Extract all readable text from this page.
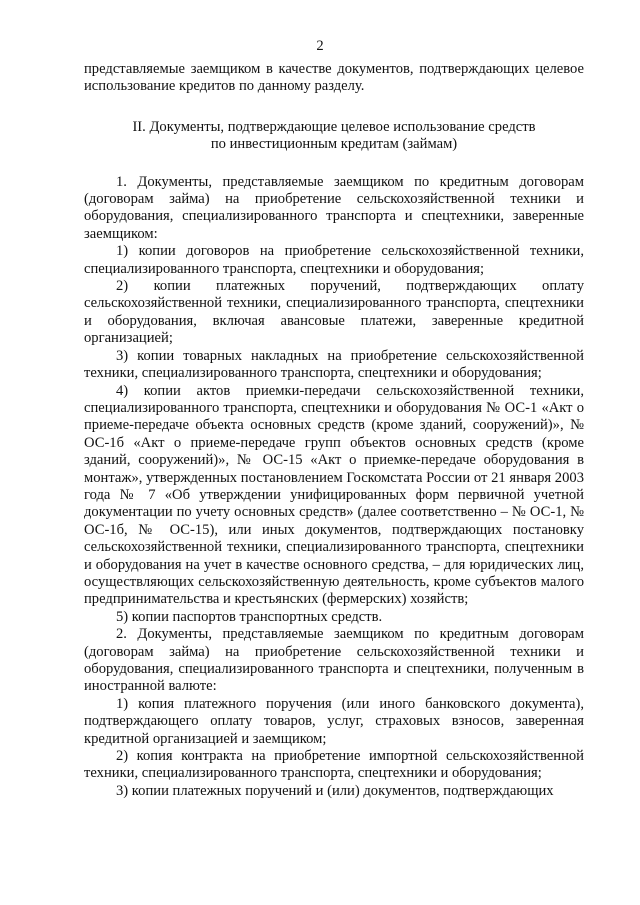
2

представляемые заемщиком в качестве документов, подтверждающих целевое использование кредитов по данному разделу.

II. Документы, подтверждающие целевое использование средств
по инвестиционным кредитам (займам)

1. Документы, представляемые заемщиком по кредитным договорам (договорам займа) на приобретение сельскохозяйственной техники и оборудования, специализированного транспорта и спецтехники, заверенные заемщиком:

1) копии договоров на приобретение сельскохозяйственной техники, специализированного транспорта, спецтехники и оборудования;

2) копии платежных поручений, подтверждающих оплату сельскохозяйственной техники, специализированного транспорта, спецтехники и оборудования, включая авансовые платежи, заверенные кредитной организацией;

3) копии товарных накладных на приобретение сельскохозяйственной техники, специализированного транспорта, спецтехники и оборудования;

4) копии актов приемки-передачи сельскохозяйственной техники, специализированного транспорта, спецтехники и оборудования № ОС-1 «Акт о приеме-передаче объекта основных средств (кроме зданий, сооружений)», № ОС-1б «Акт о приеме-передаче групп объектов основных средств (кроме зданий, сооружений)», № ОС-15 «Акт о приемке-передаче оборудования в монтаж», утвержденных постановлением Госкомстата России от 21 января 2003 года № 7 «Об утверждении унифицированных форм первичной учетной документации по учету основных средств» (далее соответственно – № ОС-1, № ОС-1б, № ОС-15), или иных документов, подтверждающих постановку сельскохозяйственной техники, специализированного транспорта, спецтехники и оборудования на учет в качестве основного средства, – для юридических лиц, осуществляющих сельскохозяйственную деятельность, кроме субъектов малого предпринимательства и крестьянских (фермерских) хозяйств;

5) копии паспортов транспортных средств.

2. Документы, представляемые заемщиком по кредитным договорам (договорам займа) на приобретение сельскохозяйственной техники и оборудования, специализированного транспорта и спецтехники, полученным в иностранной валюте:

1) копия платежного поручения (или иного банковского документа), подтверждающего оплату товаров, услуг, страховых взносов, заверенная кредитной организацией и заемщиком;

2) копия контракта на приобретение импортной сельскохозяйственной техники, специализированного транспорта, спецтехники и оборудования;

3) копии платежных поручений и (или) документов, подтверждающих
